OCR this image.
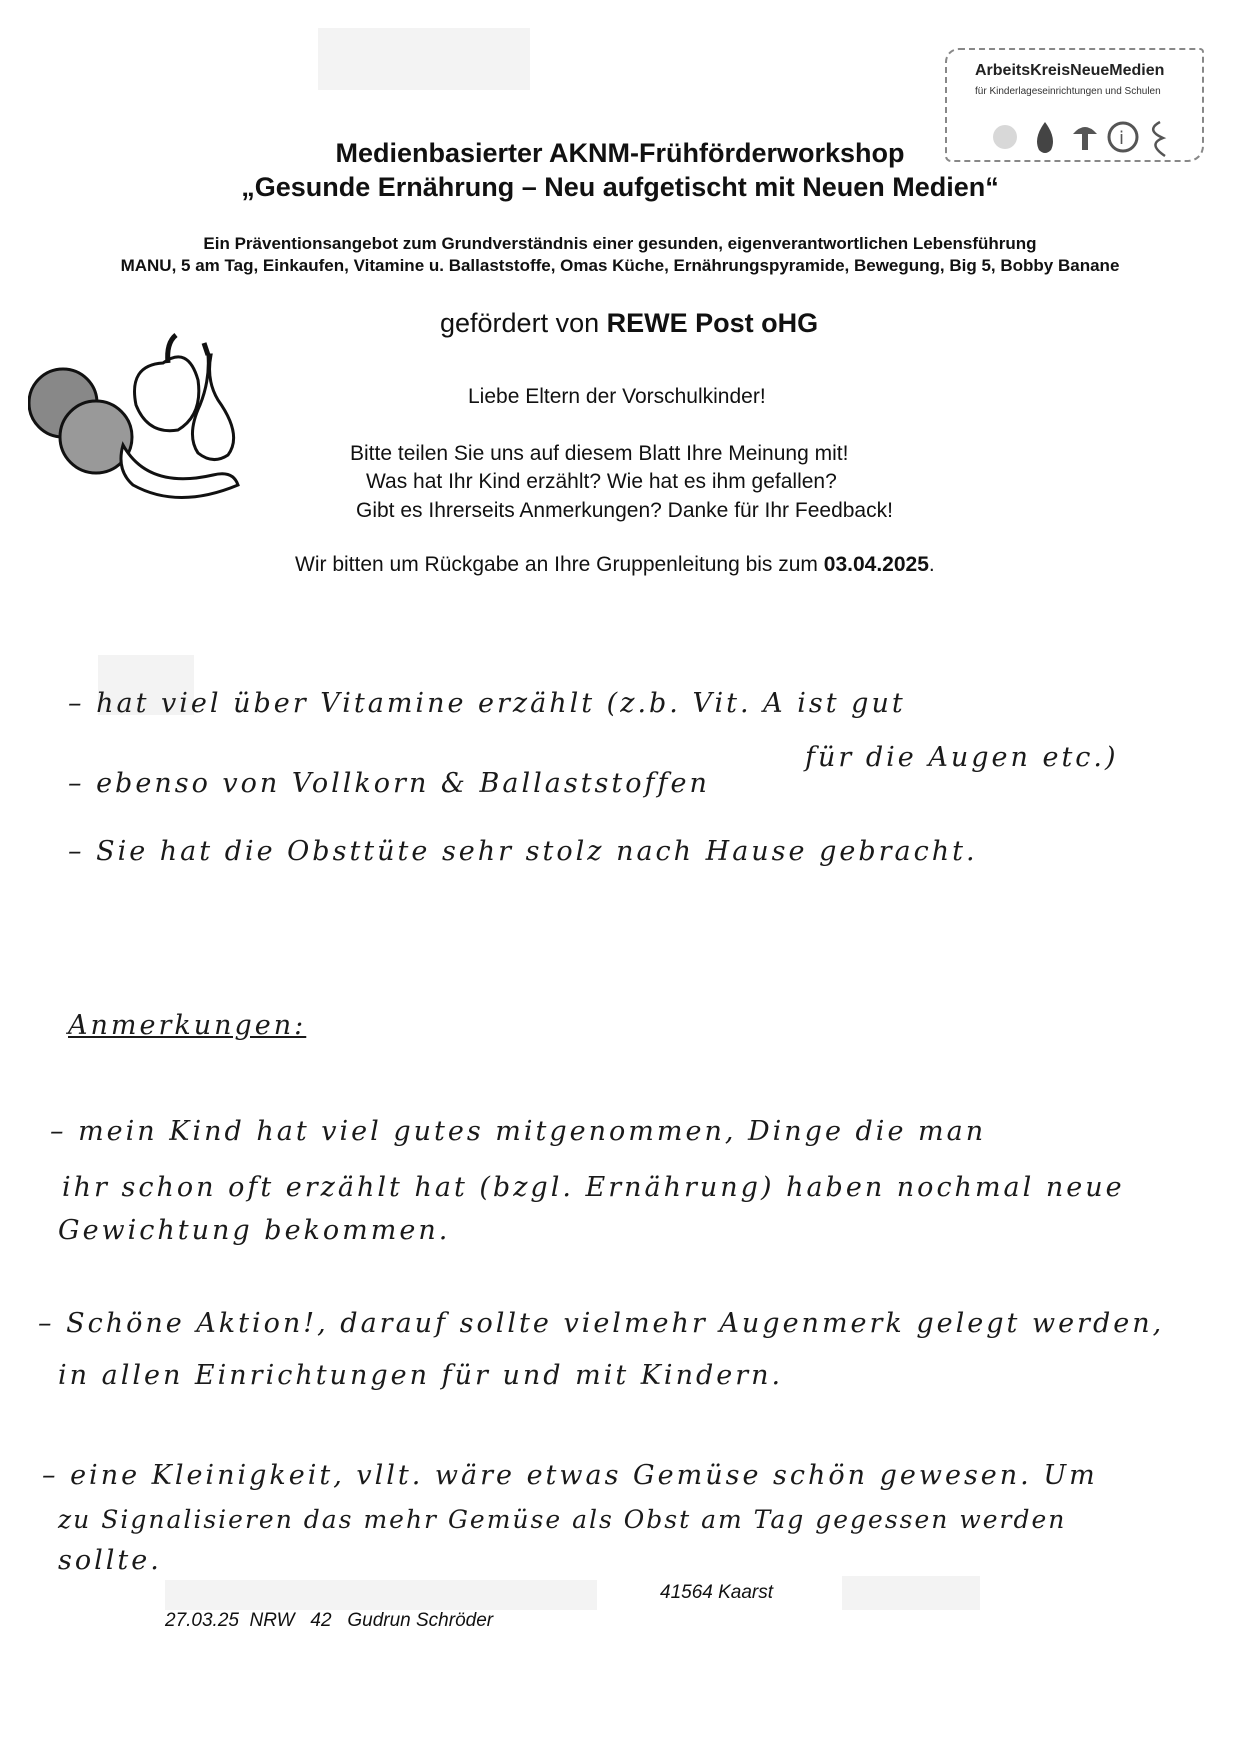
ArbeitsKreisNeueMedien
für Kinderlageseinrichtungen und Schulen
i
Medienbasierter AKNM-Frühförderworkshop
„Gesunde Ernährung – Neu aufgetischt mit Neuen Medien“
Ein Präventionsangebot zum Grundverständnis einer gesunden, eigenverantwortlichen Lebensführung
MANU, 5 am Tag, Einkaufen, Vitamine u. Ballaststoffe, Omas Küche, Ernährungspyramide, Bewegung, Big 5, Bobby Banane
gefördert von REWE Post oHG
Liebe Eltern der Vorschulkinder!
Bitte teilen Sie uns auf diesem Blatt Ihre Meinung mit!
Was hat Ihr Kind erzählt? Wie hat es ihm gefallen?
Gibt es Ihrerseits Anmerkungen? Danke für Ihr Feedback!
Wir bitten um Rückgabe an Ihre Gruppenleitung bis zum 03.04.2025.
– hat viel über Vitamine erzählt (z.b. Vit. A ist gut
für die Augen etc.)
– ebenso von Vollkorn & Ballaststoffen
– Sie hat die Obsttüte sehr stolz nach Hause gebracht.
Anmerkungen:
– mein Kind hat viel gutes mitgenommen, Dinge die man
ihr schon oft erzählt hat (bzgl. Ernährung) haben nochmal neue
Gewichtung bekommen.
– Schöne Aktion!, darauf sollte vielmehr Augenmerk gelegt werden,
in allen Einrichtungen für und mit Kindern.
– eine Kleinigkeit, vllt. wäre etwas Gemüse schön gewesen. Um
zu Signalisieren das mehr Gemüse als Obst am Tag gegessen werden
sollte.
41564 Kaarst
27.03.25  NRW   42   Gudrun Schröder
